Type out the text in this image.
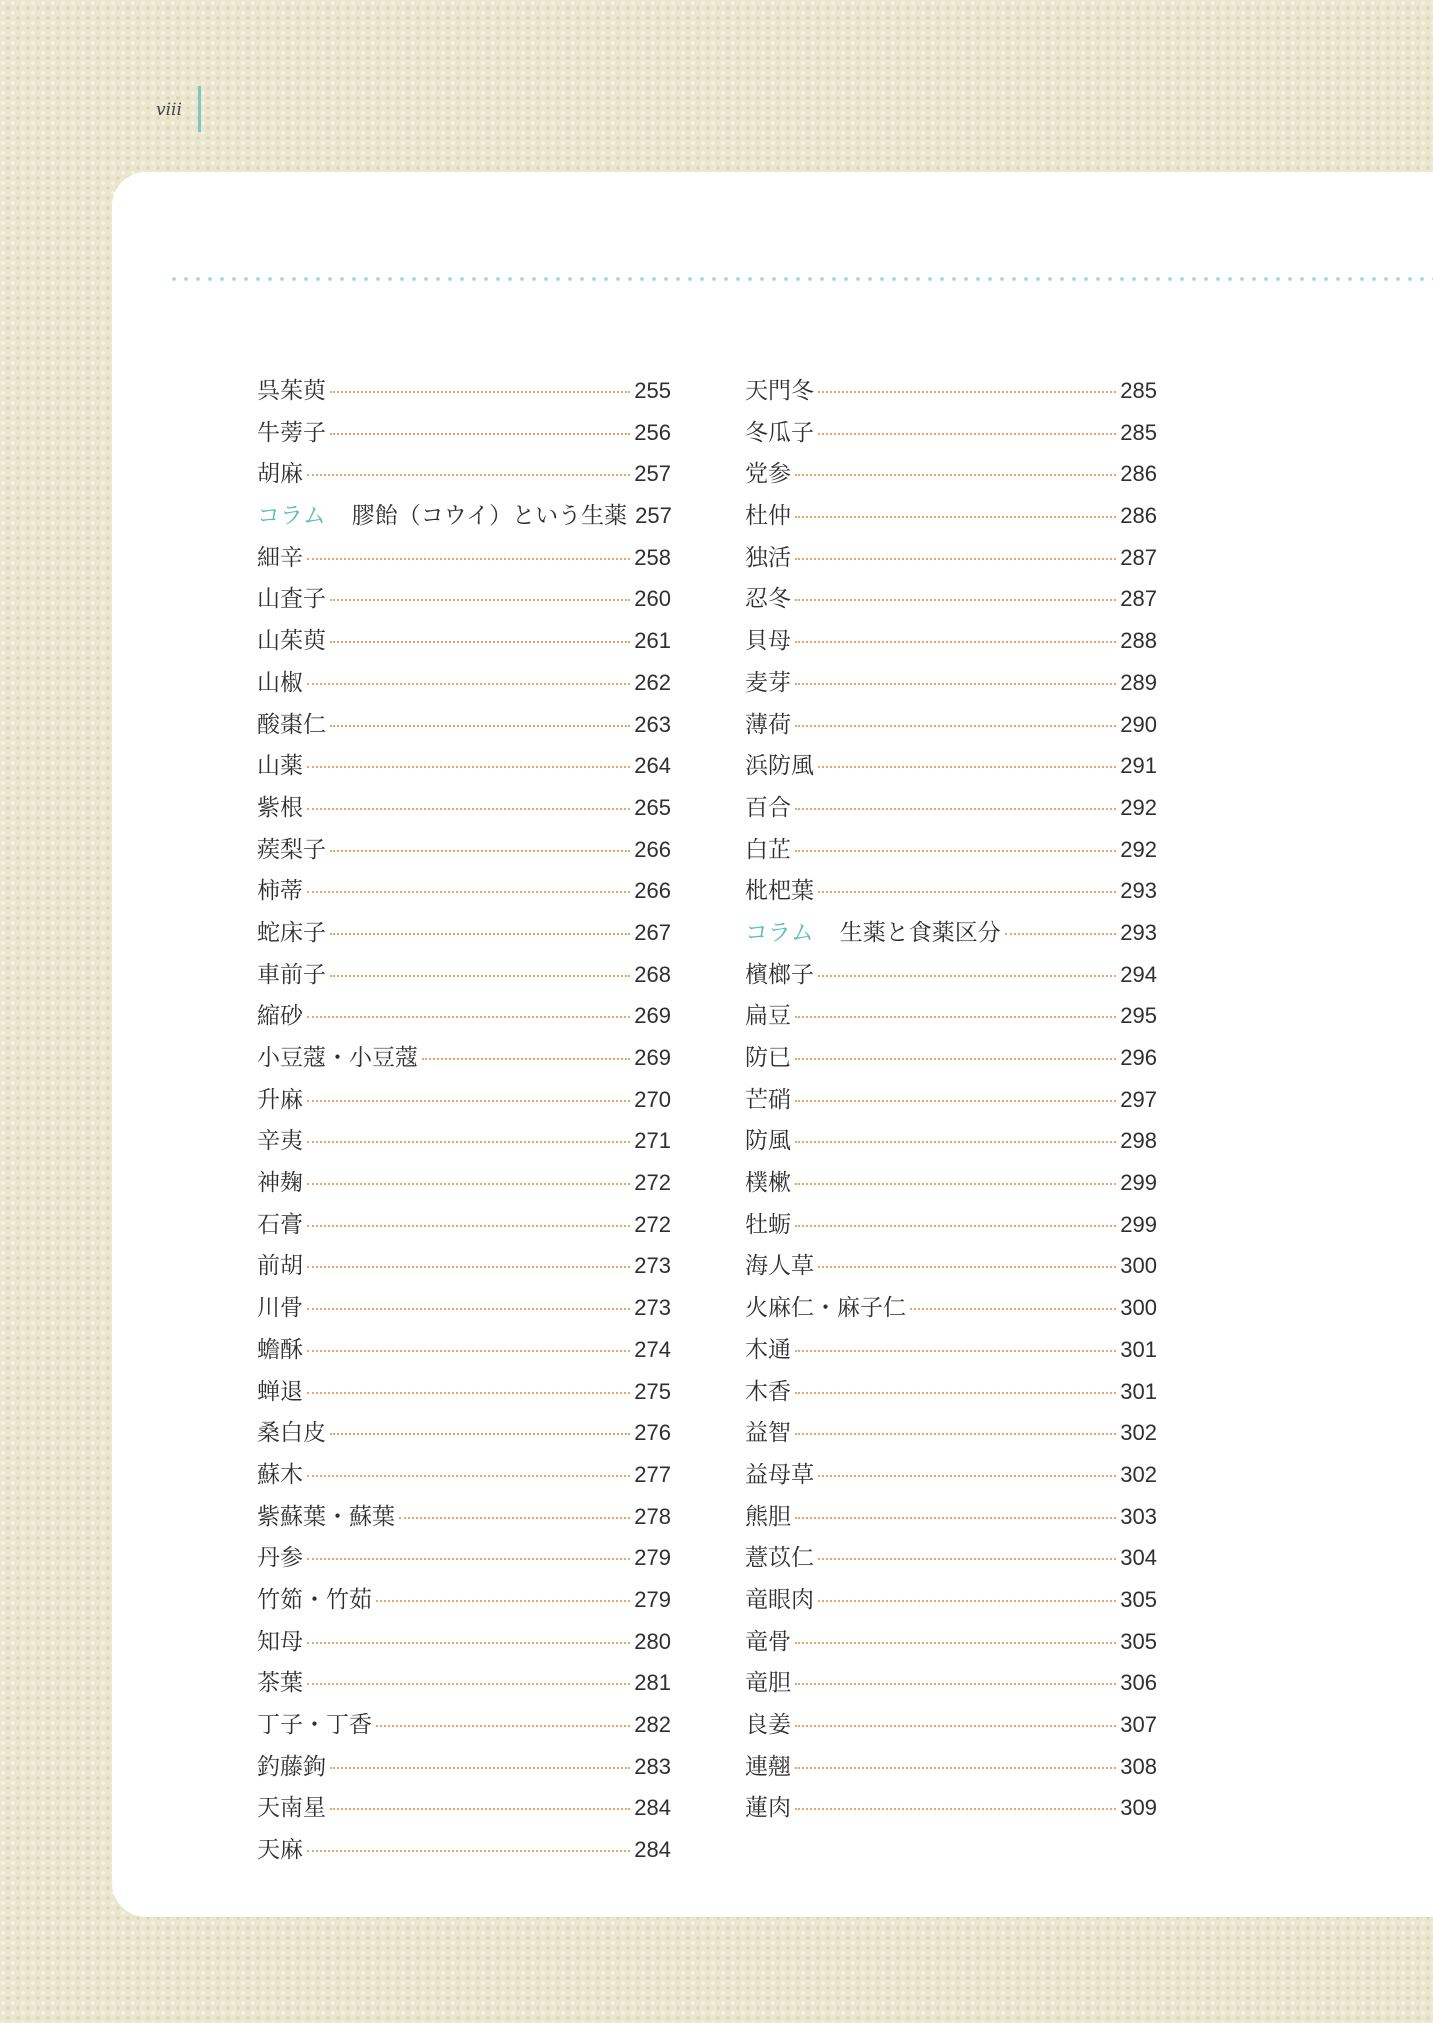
viii
呉茱萸	255
牛蒡子	256
胡麻	257
コラム 膠飴（コウイ）という生薬 257
細辛	258
山査子	260
山茱萸	261
山椒	262
酸棗仁	263
山薬	264
紫根	265
蒺梨子	266
柿蒂	266
蛇床子	267
車前子	268
縮砂	269
小豆蔻・小豆蔻	269
升麻	270
辛夷	271
神麹	272
石膏	272
前胡	273
川骨	273
蟾酥	274
蝉退	275
桑白皮	276
蘇木	277
紫蘇葉・蘇葉	278
丹参	279
竹筎・竹茹	279
知母	280
茶葉	281
丁子・丁香	282
釣藤鉤	283
天南星	284
天麻	284
天門冬	285
冬瓜子	285
党参	286
杜仲	286
独活	287
忍冬	287
貝母	288
麦芽	289
薄荷	290
浜防風	291
百合	292
白芷	292
枇杷葉	293
コラム 生薬と食薬区分	293
檳榔子	294
扁豆	295
防已	296
芒硝	297
防風	298
樸樕	299
牡蛎	299
海人草	300
火麻仁・麻子仁	300
木通	301
木香	301
益智	302
益母草	302
熊胆	303
薏苡仁	304
竜眼肉	305
竜骨	305
竜胆	306
良姜	307
連翹	308
蓮肉	309
